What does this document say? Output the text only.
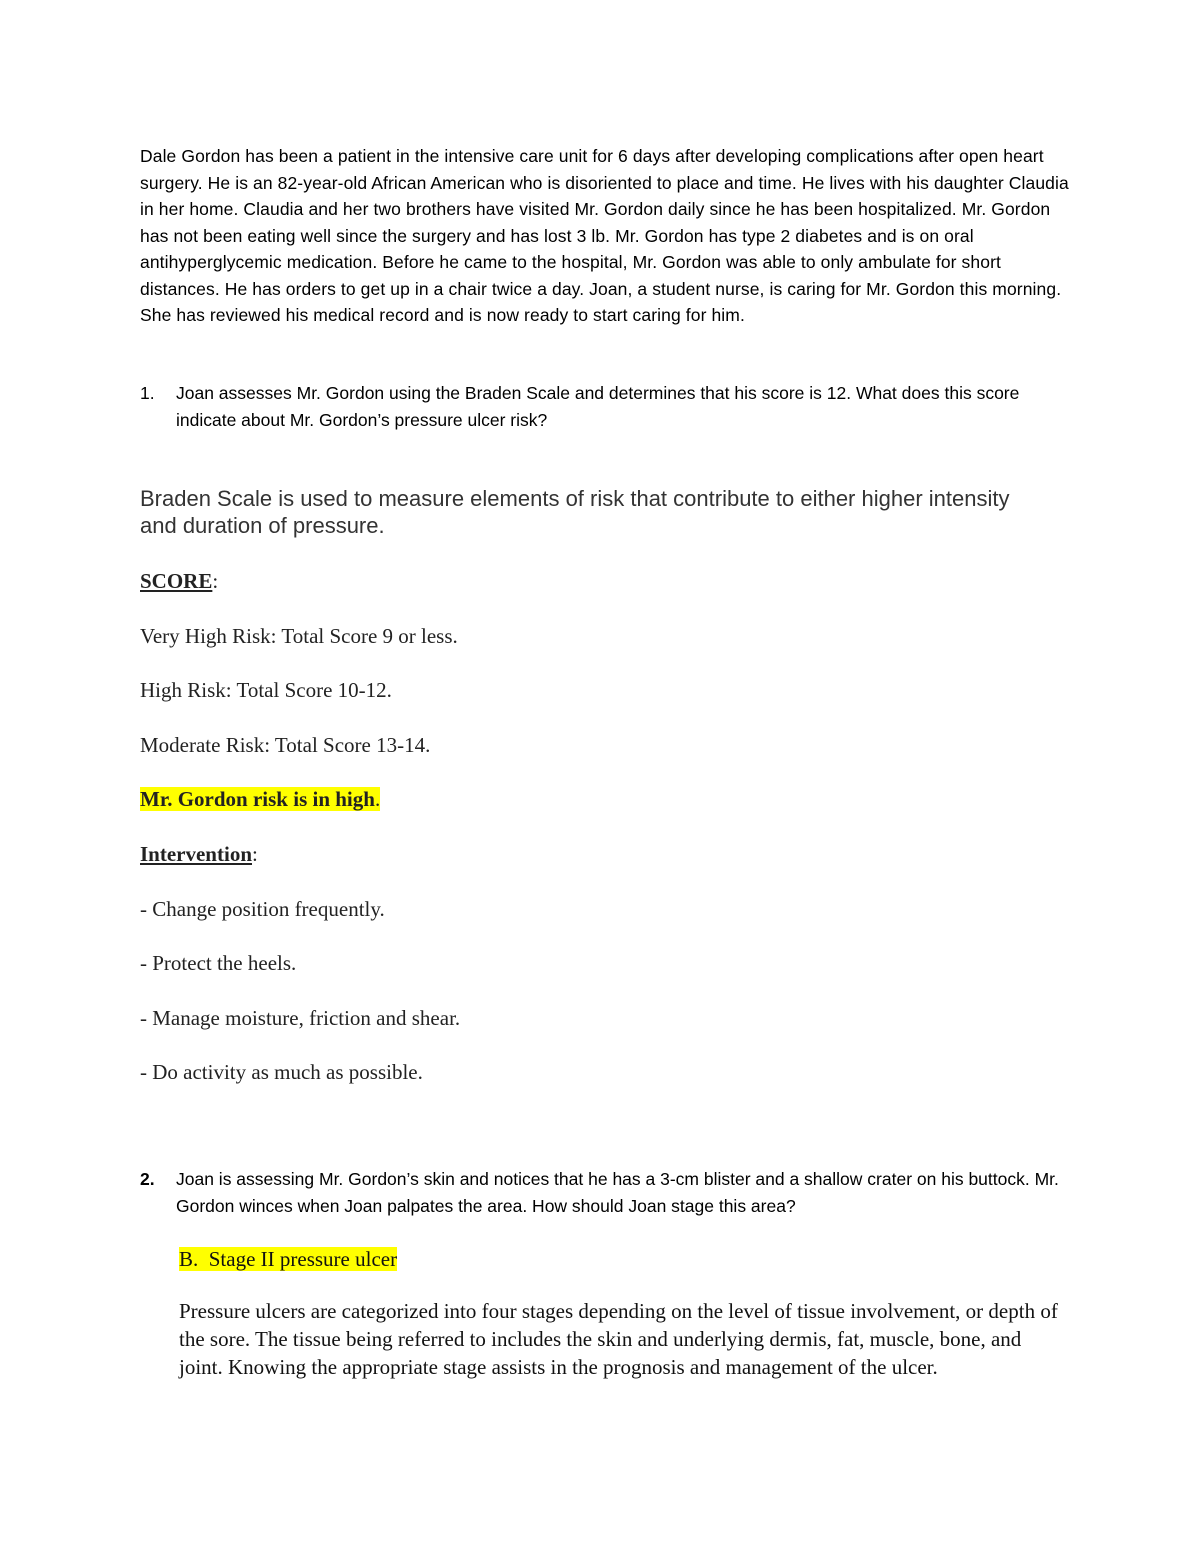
Dale Gordon has been a patient in the intensive care unit for 6 days after developing complications after open heart surgery. He is an 82-year-old African American who is disoriented to place and time. He lives with his daughter Claudia in her home. Claudia and her two brothers have visited Mr. Gordon daily since he has been hospitalized. Mr. Gordon has not been eating well since the surgery and has lost 3 lb. Mr. Gordon has type 2 diabetes and is on oral antihyperglycemic medication. Before he came to the hospital, Mr. Gordon was able to only ambulate for short distances. He has orders to get up in a chair twice a day. Joan, a student nurse, is caring for Mr. Gordon this morning. She has reviewed his medical record and is now ready to start caring for him.
1.	Joan assesses Mr. Gordon using the Braden Scale and determines that his score is 12. What does this score indicate about Mr. Gordon’s pressure ulcer risk?
Braden Scale is used to measure elements of risk that contribute to either higher intensity and duration of pressure.
SCORE:
Very High Risk: Total Score 9 or less.
High Risk: Total Score 10-12.
Moderate Risk: Total Score 13-14.
Mr. Gordon risk is in high.
Intervention:
- Change position frequently.
- Protect the heels.
- Manage moisture, friction and shear.
- Do activity as much as possible.
2.	Joan is assessing Mr. Gordon’s skin and notices that he has a 3-cm blister and a shallow crater on his buttock. Mr. Gordon winces when Joan palpates the area. How should Joan stage this area?
B.  Stage II pressure ulcer
Pressure ulcers are categorized into four stages depending on the level of tissue involvement, or depth of the sore. The tissue being referred to includes the skin and underlying dermis, fat, muscle, bone, and joint. Knowing the appropriate stage assists in the prognosis and management of the ulcer.
